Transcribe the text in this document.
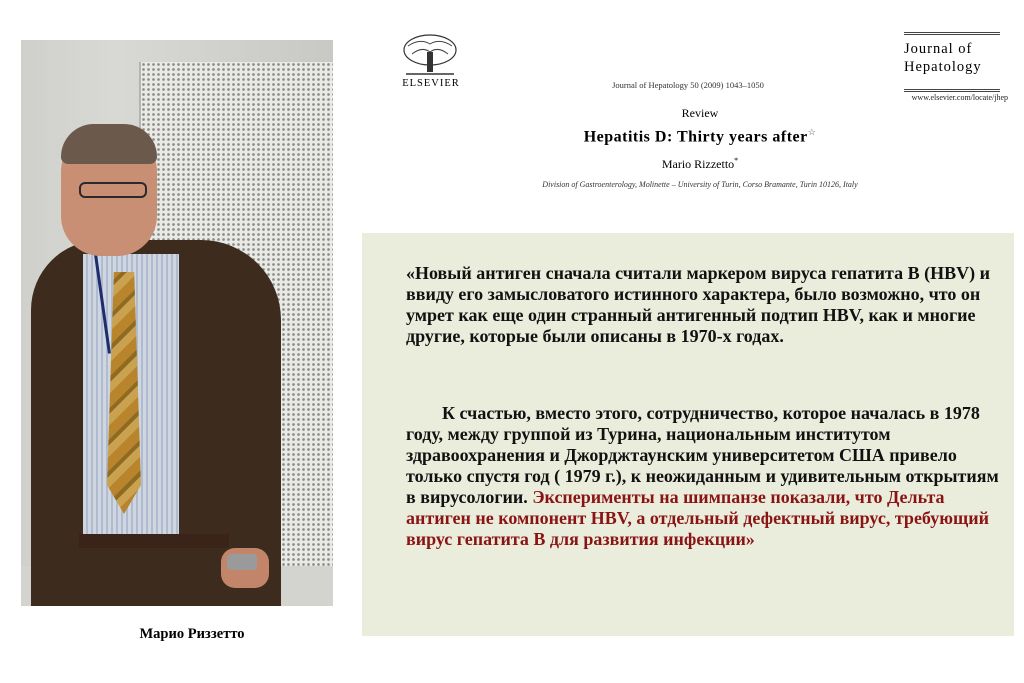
Марио Риззетто
ELSEVIER	Journal of Hepatology 50 (2009) 1043–1050
Journal of
Hepatology
www.elsevier.com/locate/jhep
Review
Hepatitis D: Thirty years after☆
Mario Rizzetto*
Division of Gastroenterology, Molinette – University of Turin, Corso Bramante, Turin 10126, Italy

«Новый антиген сначала считали маркером вируса гепатита В (HBV) и ввиду его замысловатого истинного характера, было возможно, что он умрет как еще один странный антигенный подтип HBV, как и многие другие, которые были описаны в 1970-х годах.

К счастью, вместо этого, сотрудничество, которое началась в 1978 году, между группой из Турина, национальным институтом здравоохранения и Джорджтаунским университетом США привело только спустя год ( 1979 г.), к неожиданным и удивительным открытиям в вирусологии. Эксперименты на шимпанзе показали, что Дельта антиген не компонент HBV, а отдельный дефектный вирус, требующий вирус гепатита В для развития инфекции»
